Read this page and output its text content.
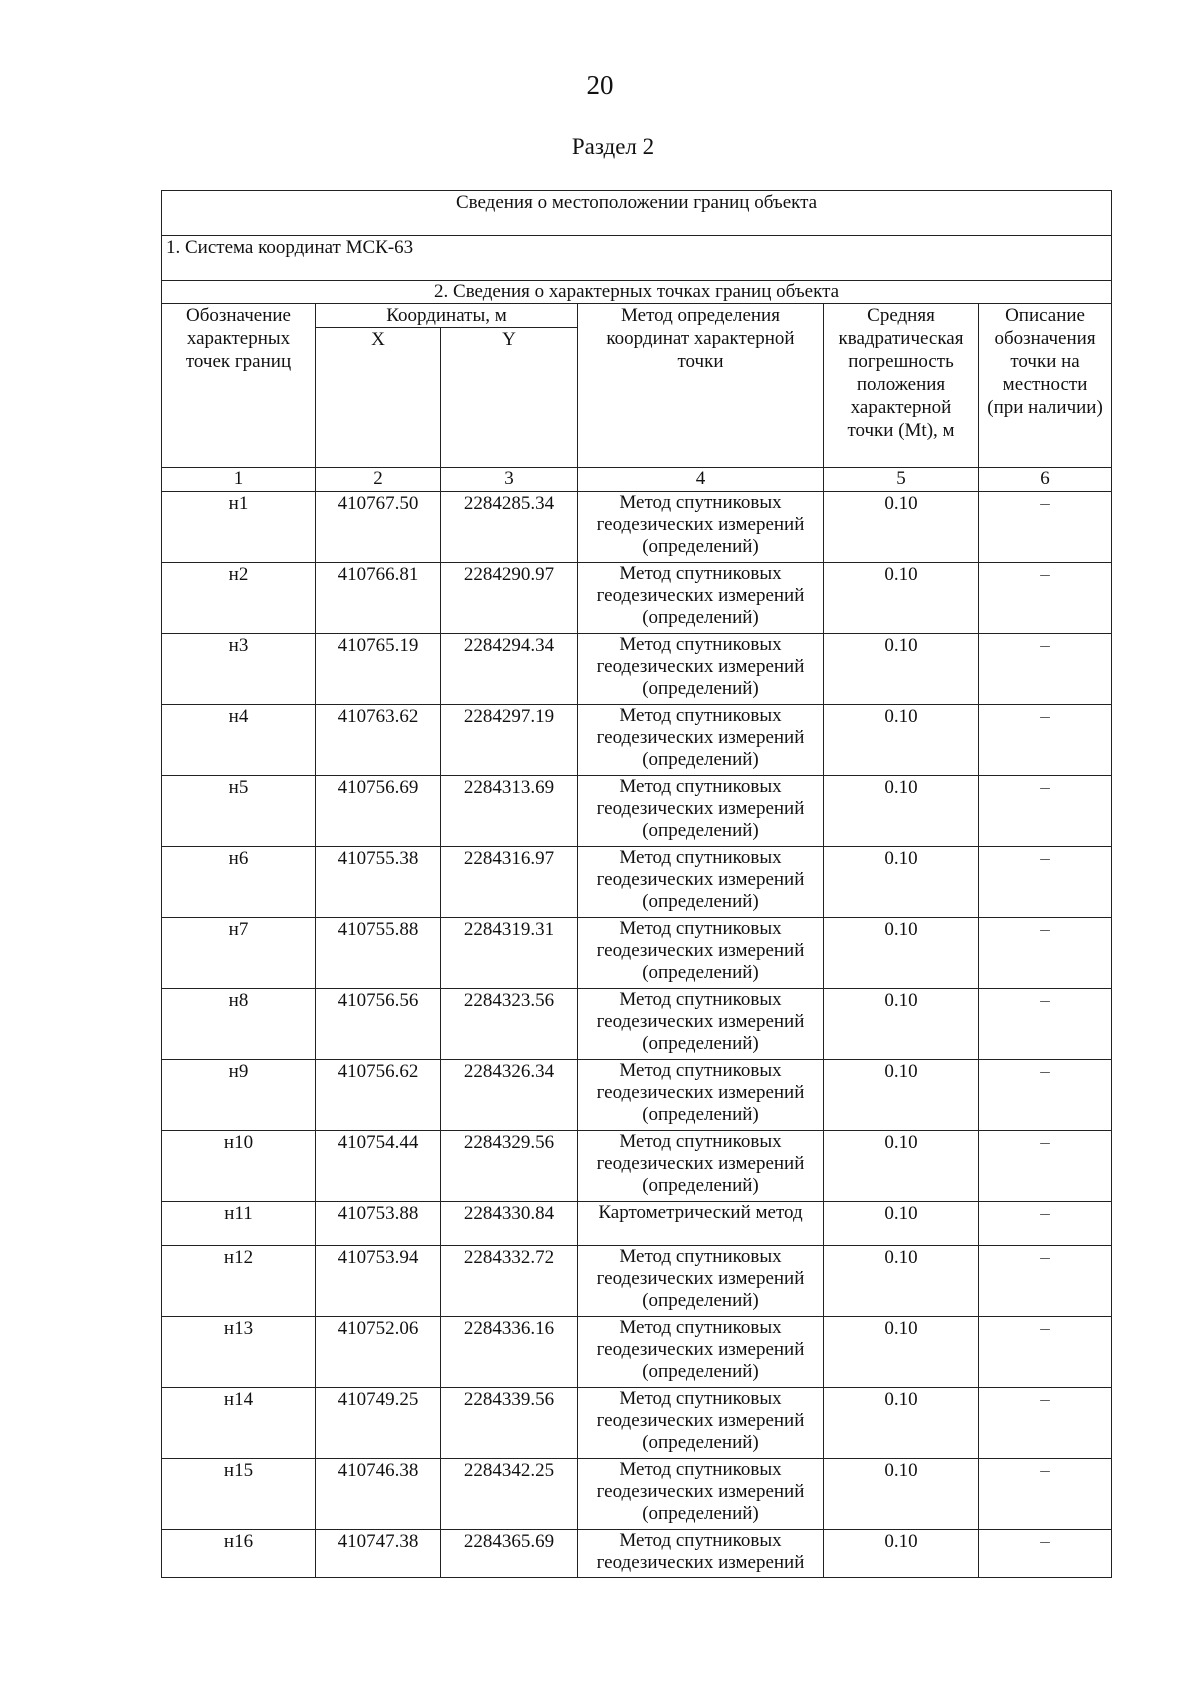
20
Раздел 2
Сведения о местоположении границ объекта					
1. Система координат МСК-63					
2. Сведения о характерных точках границ объекта					
Обозначение характерных точек границ	Координаты, м		Метод определения координат характерной точки	Средняя квадратическая погрешность положения характерной точки (Mt), м	Описание обозначения точки на местности (при наличии)
	X	Y			
1	2	3	4	5	6
н1	410767.50	2284285.34	Метод спутниковых геодезических измерений (определений)	0.10	–
н2	410766.81	2284290.97	Метод спутниковых геодезических измерений (определений)	0.10	–
н3	410765.19	2284294.34	Метод спутниковых геодезических измерений (определений)	0.10	–
н4	410763.62	2284297.19	Метод спутниковых геодезических измерений (определений)	0.10	–
н5	410756.69	2284313.69	Метод спутниковых геодезических измерений (определений)	0.10	–
н6	410755.38	2284316.97	Метод спутниковых геодезических измерений (определений)	0.10	–
н7	410755.88	2284319.31	Метод спутниковых геодезических измерений (определений)	0.10	–
н8	410756.56	2284323.56	Метод спутниковых геодезических измерений (определений)	0.10	–
н9	410756.62	2284326.34	Метод спутниковых геодезических измерений (определений)	0.10	–
н10	410754.44	2284329.56	Метод спутниковых геодезических измерений (определений)	0.10	–
н11	410753.88	2284330.84	Картометрический метод	0.10	–
н12	410753.94	2284332.72	Метод спутниковых геодезических измерений (определений)	0.10	–
н13	410752.06	2284336.16	Метод спутниковых геодезических измерений (определений)	0.10	–
н14	410749.25	2284339.56	Метод спутниковых геодезических измерений (определений)	0.10	–
н15	410746.38	2284342.25	Метод спутниковых геодезических измерений (определений)	0.10	–
н16	410747.38	2284365.69	Метод спутниковых геодезических измерений	0.10	–
